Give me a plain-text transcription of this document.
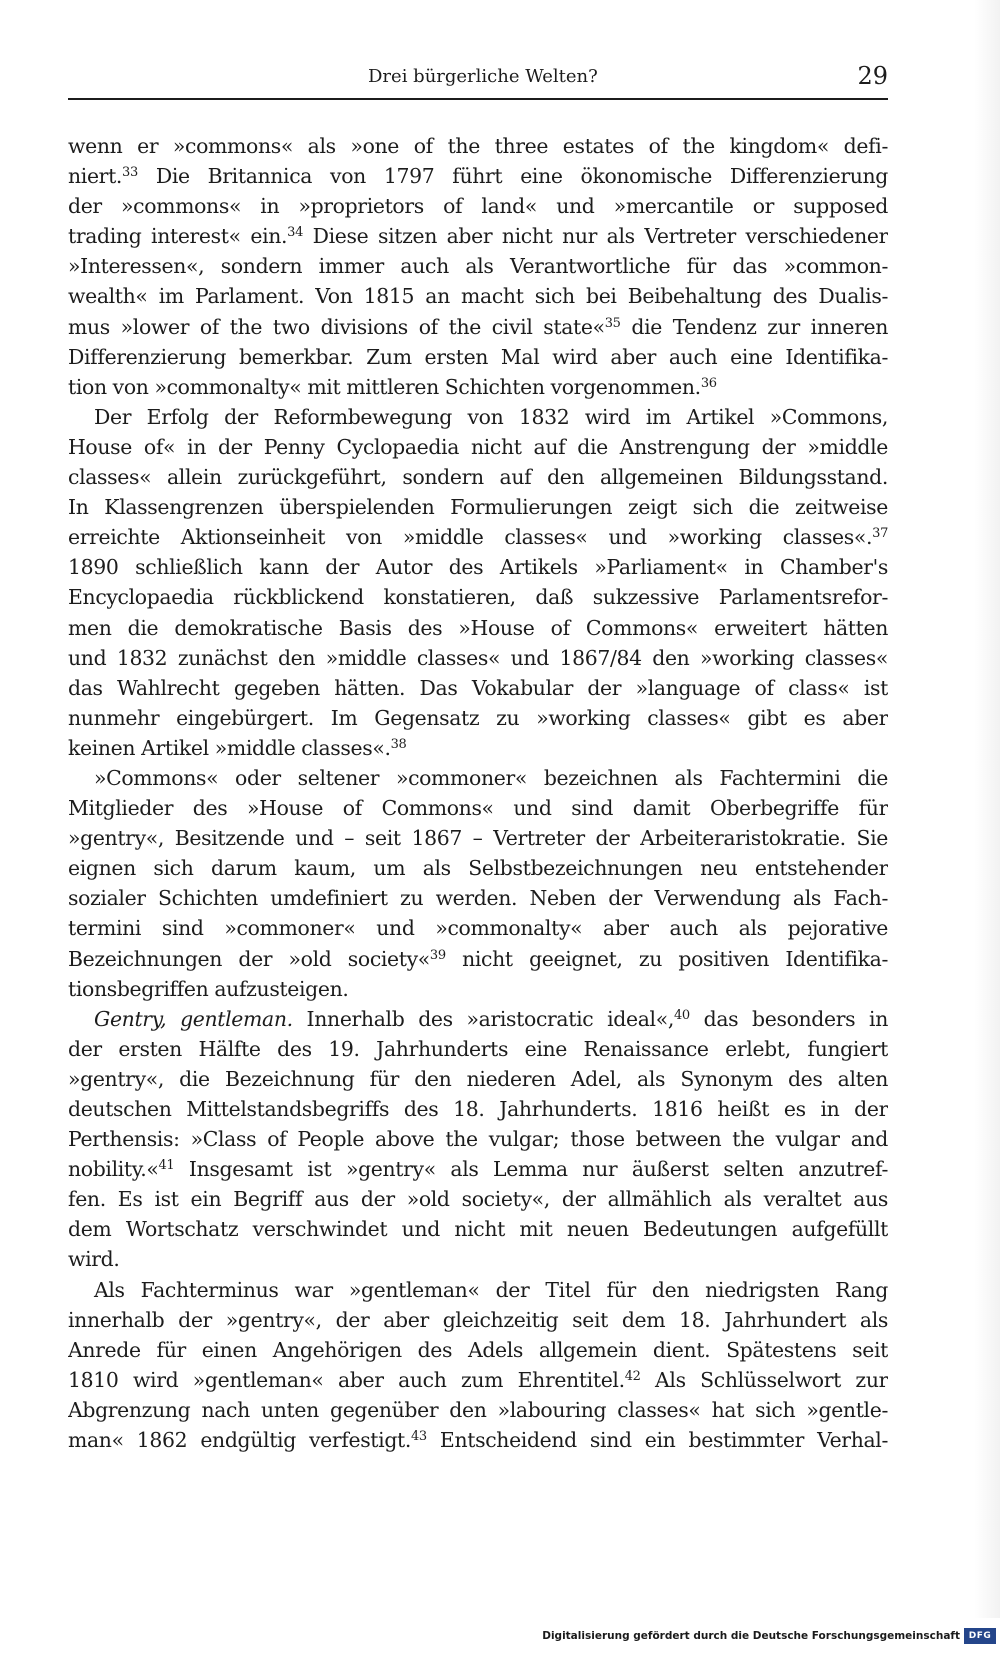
Drei bürgerliche Welten?	29
wenn er »commons« als »one of the three estates of the kingdom« defi-
niert.$^{33}$ Die Britannica von 1797 führt eine ökonomische Differenzierung
der »commons« in »proprietors of land« und »mercantile or supposed
trading interest« ein.$^{34}$ Diese sitzen aber nicht nur als Vertreter verschiedener
»Interessen«, sondern immer auch als Verantwortliche für das »common-
wealth« im Parlament. Von 1815 an macht sich bei Beibehaltung des Dualis-
mus »lower of the two divisions of the civil state«$^{35}$ die Tendenz zur inneren
Differenzierung bemerkbar. Zum ersten Mal wird aber auch eine Identifika-
tion von »commonalty« mit mittleren Schichten vorgenommen.$^{36}$
Der Erfolg der Reformbewegung von 1832 wird im Artikel »Commons,
House of« in der Penny Cyclopaedia nicht auf die Anstrengung der »middle
classes« allein zurückgeführt, sondern auf den allgemeinen Bildungsstand.
In Klassengrenzen überspielenden Formulierungen zeigt sich die zeitweise
erreichte Aktionseinheit von »middle classes« und »working classes«.$^{37}$
1890 schließlich kann der Autor des Artikels »Parliament« in Chamber's
Encyclopaedia rückblickend konstatieren, daß sukzessive Parlamentsrefor-
men die demokratische Basis des »House of Commons« erweitert hätten
und 1832 zunächst den »middle classes« und 1867/84 den »working classes«
das Wahlrecht gegeben hätten. Das Vokabular der »language of class« ist
nunmehr eingebürgert. Im Gegensatz zu »working classes« gibt es aber
keinen Artikel »middle classes«.$^{38}$
»Commons« oder seltener »commoner« bezeichnen als Fachtermini die
Mitglieder des »House of Commons« und sind damit Oberbegriffe für
»gentry«, Besitzende und – seit 1867 – Vertreter der Arbeiteraristokratie. Sie
eignen sich darum kaum, um als Selbstbezeichnungen neu entstehender
sozialer Schichten umdefiniert zu werden. Neben der Verwendung als Fach-
termini sind »commoner« und »commonalty« aber auch als pejorative
Bezeichnungen der »old society«$^{39}$ nicht geeignet, zu positiven Identifika-
tionsbegriffen aufzusteigen.
Gentry, gentleman. Innerhalb des »aristocratic ideal«,$^{40}$ das besonders in
der ersten Hälfte des 19. Jahrhunderts eine Renaissance erlebt, fungiert
»gentry«, die Bezeichnung für den niederen Adel, als Synonym des alten
deutschen Mittelstandsbegriffs des 18. Jahrhunderts. 1816 heißt es in der
Perthensis: »Class of People above the vulgar; those between the vulgar and
nobility.«$^{41}$ Insgesamt ist »gentry« als Lemma nur äußerst selten anzutref-
fen. Es ist ein Begriff aus der »old society«, der allmählich als veraltet aus
dem Wortschatz verschwindet und nicht mit neuen Bedeutungen aufgefüllt
wird.
Als Fachterminus war »gentleman« der Titel für den niedrigsten Rang
innerhalb der »gentry«, der aber gleichzeitig seit dem 18. Jahrhundert als
Anrede für einen Angehörigen des Adels allgemein dient. Spätestens seit
1810 wird »gentleman« aber auch zum Ehrentitel.$^{42}$ Als Schlüsselwort zur
Abgrenzung nach unten gegenüber den »labouring classes« hat sich »gentle-
man« 1862 endgültig verfestigt.$^{43}$ Entscheidend sind ein bestimmter Verhal-
Digitalisierung gefördert durch die Deutsche Forschungsgemeinschaft DFG
